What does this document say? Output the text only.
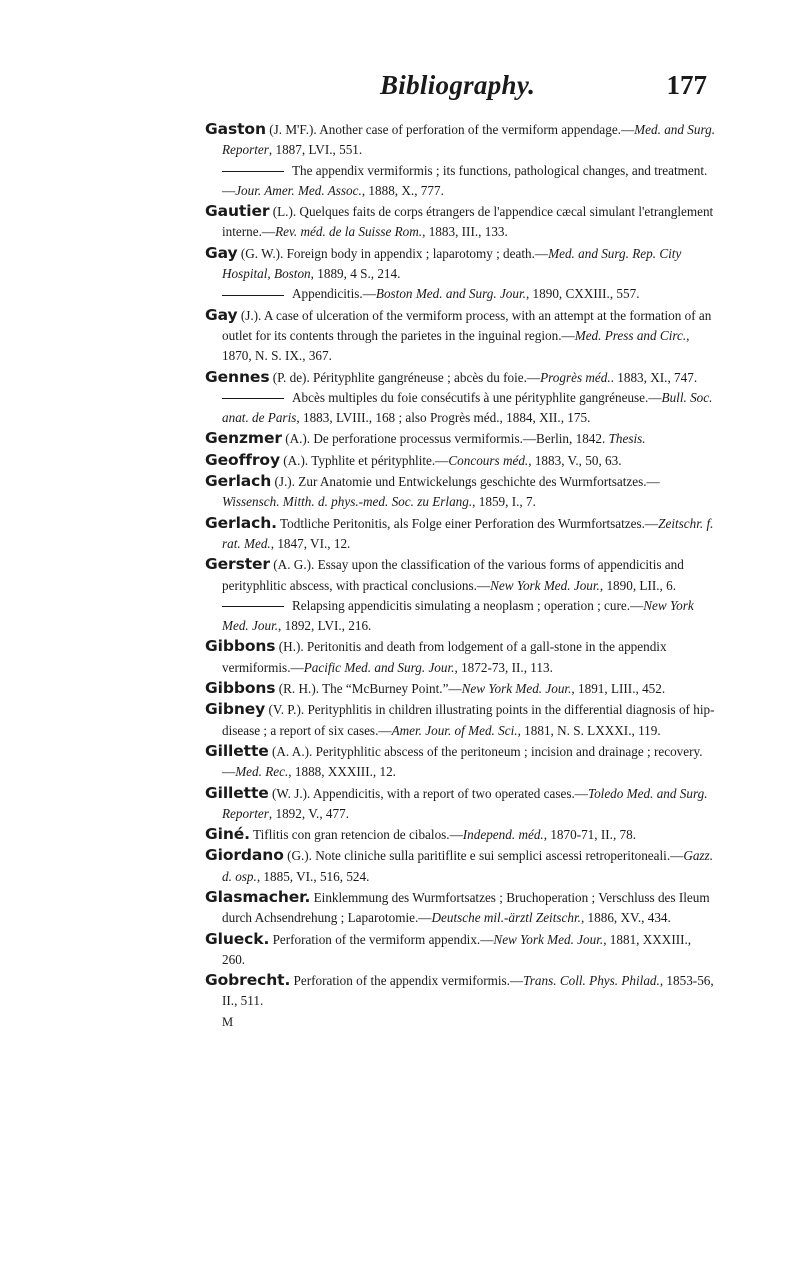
Bibliography.	177

Gaston (J. M'F.). Another case of perforation of the vermiform appendage.—Med. and Surg. Reporter, 1887, LVI., 551.

The appendix vermiformis ; its functions, pathological changes, and treatment.—Jour. Amer. Med. Assoc., 1888, X., 777.

Gautier (L.). Quelques faits de corps étrangers de l'appendice cæcal simulant l'etranglement interne.—Rev. méd. de la Suisse Rom., 1883, III., 133.

Gay (G. W.). Foreign body in appendix ; laparotomy ; death.—Med. and Surg. Rep. City Hospital, Boston, 1889, 4 S., 214.

Appendicitis.—Boston Med. and Surg. Jour., 1890, CXXIII., 557.

Gay (J.). A case of ulceration of the vermiform process, with an attempt at the formation of an outlet for its contents through the parietes in the inguinal region.—Med. Press and Circ., 1870, N. S. IX., 367.

Gennes (P. de). Pérityphlite gangréneuse ; abcès du foie.—Progrès méd.. 1883, XI., 747.

Abcès multiples du foie consécutifs à une pérityphlite gangréneuse.—Bull. Soc. anat. de Paris, 1883, LVIII., 168 ; also Progrès méd., 1884, XII., 175.

Genzmer (A.). De perforatione processus vermiformis.—Berlin, 1842. Thesis.

Geoffroy (A.). Typhlite et pérityphlite.—Concours méd., 1883, V., 50, 63.

Gerlach (J.). Zur Anatomie und Entwickelungs geschichte des Wurmfortsatzes.—Wissensch. Mitth. d. phys.-med. Soc. zu Erlang., 1859, I., 7.

Gerlach. Todtliche Peritonitis, als Folge einer Perforation des Wurmfortsatzes.—Zeitschr. f. rat. Med., 1847, VI., 12.

Gerster (A. G.). Essay upon the classification of the various forms of appendicitis and perityphlitic abscess, with practical conclusions.—New York Med. Jour., 1890, LII., 6.

Relapsing appendicitis simulating a neoplasm ; operation ; cure.—New York Med. Jour., 1892, LVI., 216.

Gibbons (H.). Peritonitis and death from lodgement of a gall-stone in the appendix vermiformis.—Pacific Med. and Surg. Jour., 1872-73, II., 113.

Gibbons (R. H.). The “McBurney Point.”—New York Med. Jour., 1891, LIII., 452.

Gibney (V. P.). Perityphlitis in children illustrating points in the differential diagnosis of hip-disease ; a report of six cases.—Amer. Jour. of Med. Sci., 1881, N. S. LXXXI., 119.

Gillette (A. A.). Perityphlitic abscess of the peritoneum ; incision and drainage ; recovery.—Med. Rec., 1888, XXXIII., 12.

Gillette (W. J.). Appendicitis, with a report of two operated cases.—Toledo Med. and Surg. Reporter, 1892, V., 477.

Giné. Tiflitis con gran retencion de cibalos.—Independ. méd., 1870-71, II., 78.

Giordano (G.). Note cliniche sulla paritiflite e sui semplici ascessi retroperitoneali.—Gazz. d. osp., 1885, VI., 516, 524.

Glasmacher. Einklemmung des Wurmfortsatzes ; Bruchoperation ; Verschluss des Ileum durch Achsendrehung ; Laparotomie.—Deutsche mil.-ärztl Zeitschr., 1886, XV., 434.

Glueck. Perforation of the vermiform appendix.—New York Med. Jour., 1881, XXXIII., 260.

Gobrecht. Perforation of the appendix vermiformis.—Trans. Coll. Phys. Philad., 1853-56, II., 511.

M
